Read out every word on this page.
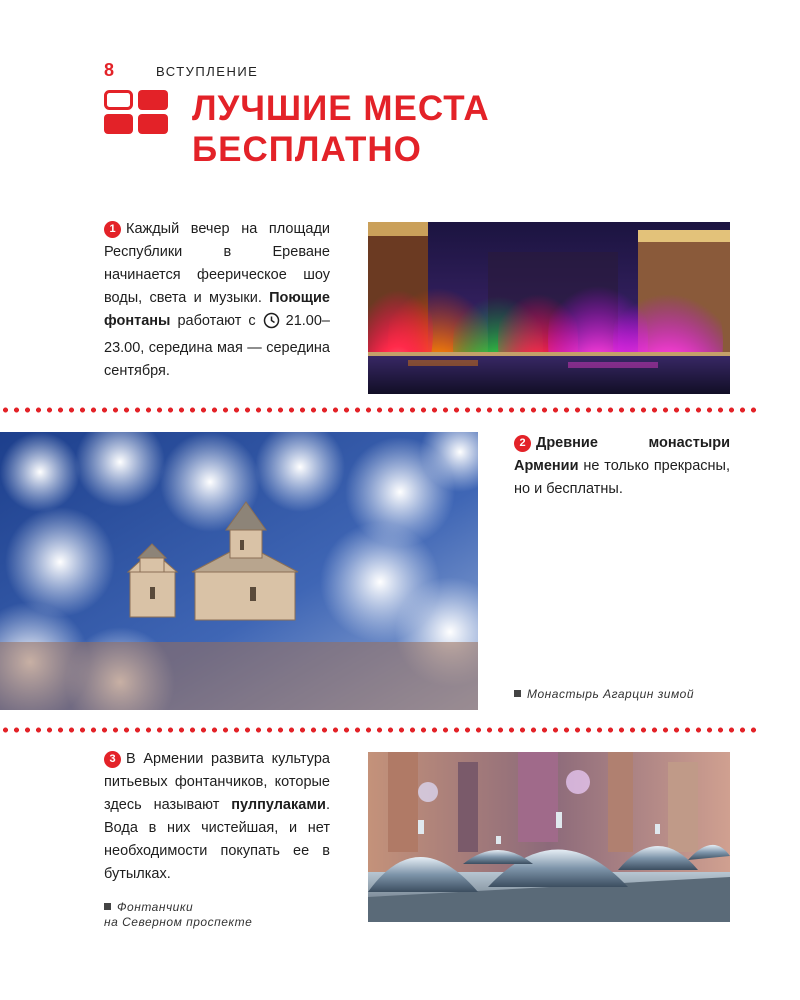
8	ВСТУПЛЕНИЕ
ЛУЧШИЕ МЕСТА
БЕСПЛАТНО
1 Каждый вечер на площади Республики в Ереване начинается феерическое шоу воды, света и музыки. Поющие фонтаны работают с 21.00–23.00, середина мая — середина сентября.
2 Древние монастыри Армении не только прекрасны, но и бесплатны.
Монастырь Агарцин зимой
3 В Армении развита культура питьевых фонтанчиков, которые здесь называют пулпулаками. Вода в них чистейшая, и нет необходимости покупать ее в бутылках.
Фонтанчики
на Северном проспекте
